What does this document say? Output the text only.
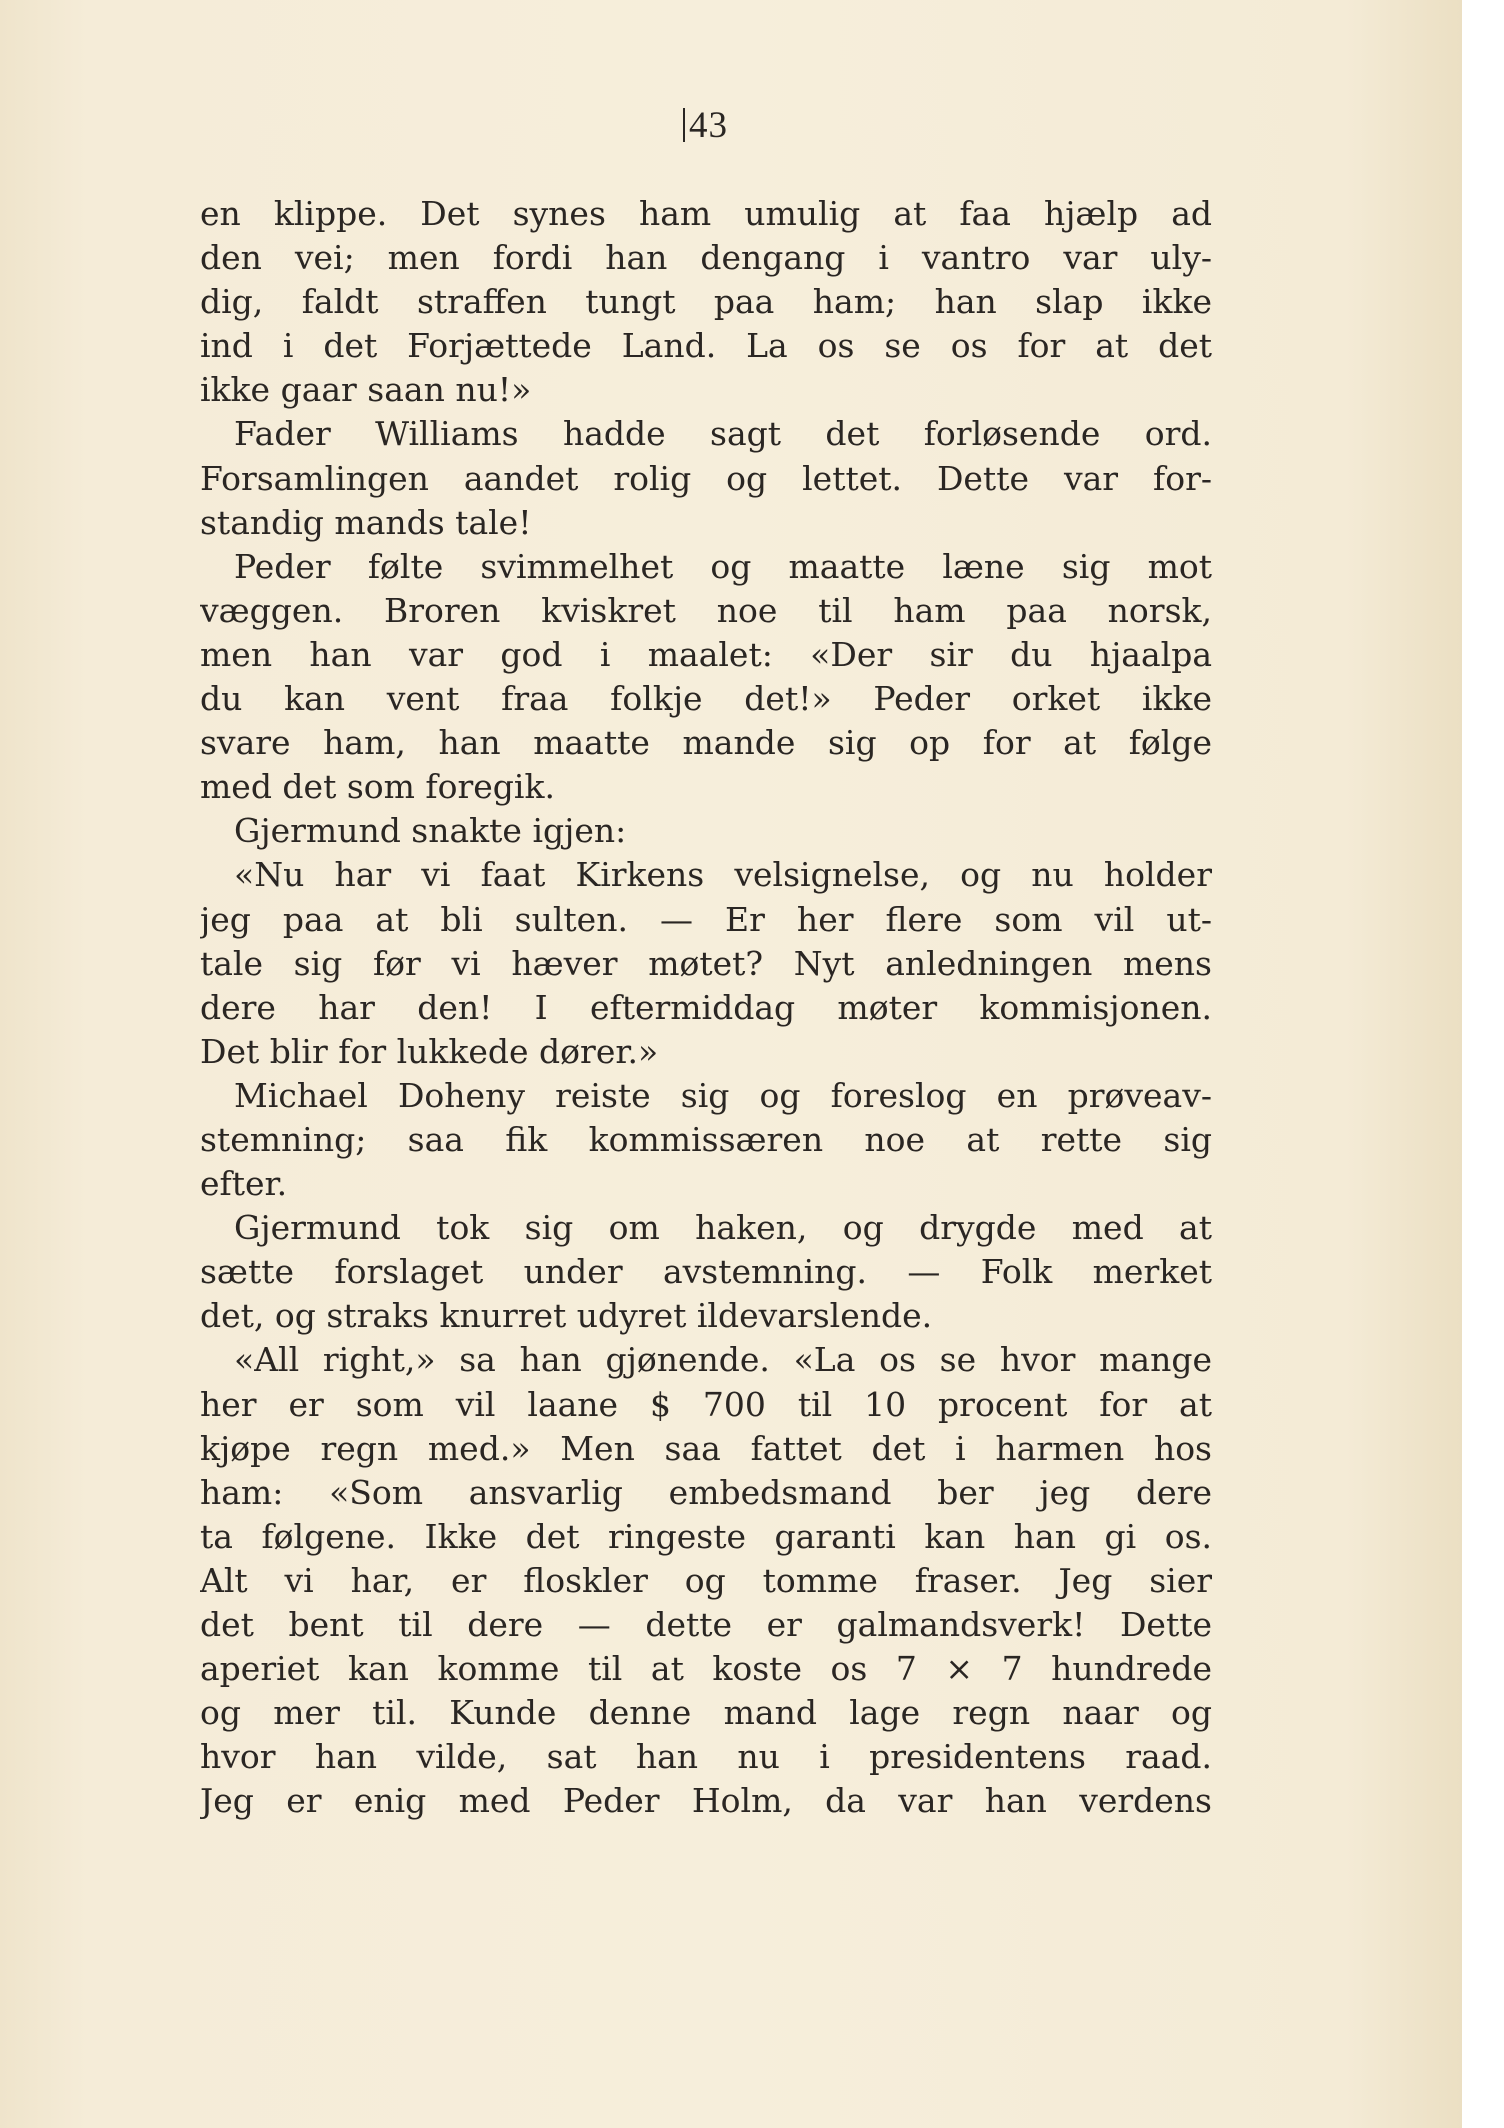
43
en klippe. Det synes ham umulig at faa hjælp ad
den vei; men fordi han dengang i vantro var uly-
dig, faldt straffen tungt paa ham; han slap ikke
ind i det Forjættede Land. La os se os for at det
ikke gaar saan nu!»
Fader Williams hadde sagt det forløsende ord.
Forsamlingen aandet rolig og lettet. Dette var for-
standig mands tale!
Peder følte svimmelhet og maatte læne sig mot
væggen. Broren kviskret noe til ham paa norsk,
men han var god i maalet: «Der sir du hjaalpa
du kan vent fraa folkje det!» Peder orket ikke
svare ham, han maatte mande sig op for at følge
med det som foregik.
Gjermund snakte igjen:
«Nu har vi faat Kirkens velsignelse, og nu holder
jeg paa at bli sulten. — Er her flere som vil ut-
tale sig før vi hæver møtet? Nyt anledningen mens
dere har den! I eftermiddag møter kommisjonen.
Det blir for lukkede dører.»
Michael Doheny reiste sig og foreslog en prøveav-
stemning; saa fik kommissæren noe at rette sig
efter.
Gjermund tok sig om haken, og drygde med at
sætte forslaget under avstemning. — Folk merket
det, og straks knurret udyret ildevarslende.
«All right,» sa han gjønende. «La os se hvor mange
her er som vil laane $ 700 til 10 procent for at
kjøpe regn med.» Men saa fattet det i harmen hos
ham: «Som ansvarlig embedsmand ber jeg dere
ta følgene. Ikke det ringeste garanti kan han gi os.
Alt vi har, er floskler og tomme fraser. Jeg sier
det bent til dere — dette er galmandsverk! Dette
aperiet kan komme til at koste os 7 × 7 hundrede
og mer til. Kunde denne mand lage regn naar og
hvor han vilde, sat han nu i presidentens raad.
Jeg er enig med Peder Holm, da var han verdens
